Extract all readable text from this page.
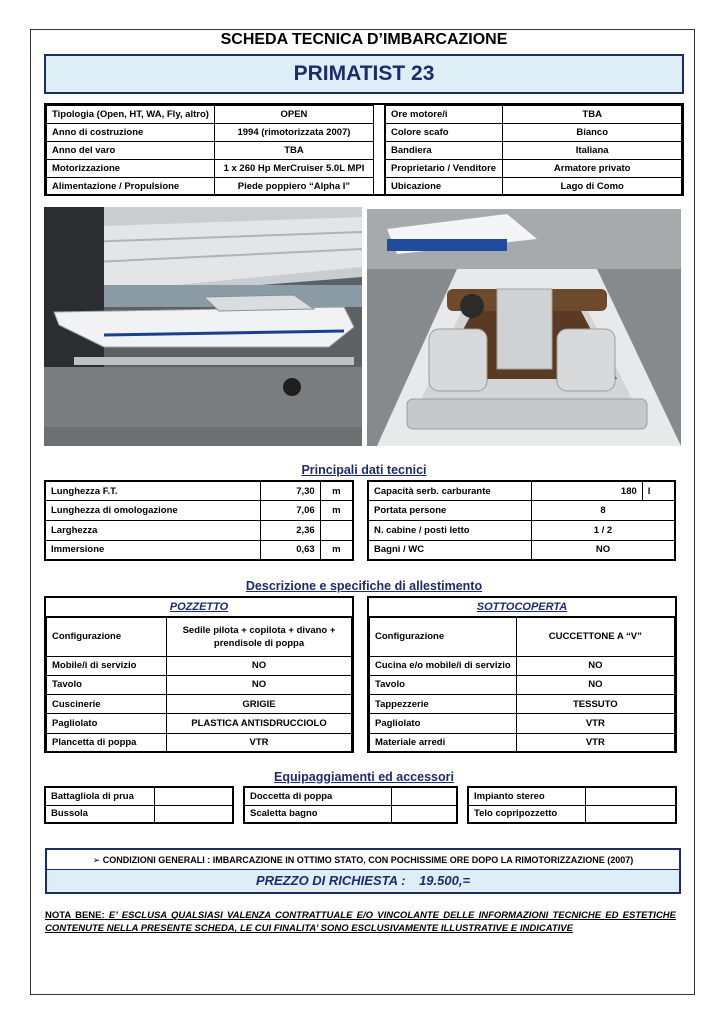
SCHEDA TECNICA D’IMBARCAZIONE
PRIMATIST 23
Tipologia (Open, HT, WA, Fly, altro)	OPEN		Ore motore/i	TBA
Anno di costruzione	1994 (rimotorizzata 2007)		Colore scafo	Bianco
Anno del varo	TBA		Bandiera	Italiana
Motorizzazione	1 x 260 Hp MerCruiser 5.0L MPI		Proprietario / Venditore	Armatore privato
Alimentazione / Propulsione	Piede poppiero “Alpha I”		Ubicazione	Lago di Como
Principali dati tecnici
Lunghezza F.T.	7,30	m
Lunghezza di omologazione	7,06	m
Larghezza	2,36	
Immersione	0,63	m
Capacità serb. carburante	180	l
Portata persone	8	
N. cabine / posti letto	1 / 2	
Bagni / WC	NO	
Descrizione e specifiche di allestimento
POZZETTO
Configurazione	Sedile pilota + copilota + divano + prendisole di poppa
Mobile/i di servizio	NO
Tavolo	NO
Cuscinerie	GRIGIE
Pagliolato	PLASTICA ANTISDRUCCIOLO
Plancetta di poppa	VTR
SOTTOCOPERTA
Configurazione	CUCCETTONE A “V”
Cucina e/o mobile/i di servizio	NO
Tavolo	NO
Tappezzerie	TESSUTO
Pagliolato	VTR
Materiale arredi	VTR
Equipaggiamenti ed accessori
Battagliola di prua	
Bussola	
Doccetta di poppa	
Scaletta bagno	
Impianto stereo	
Telo copripozzetto	
➢ CONDIZIONI GENERALI : IMBARCAZIONE IN OTTIMO STATO, CON POCHISSIME ORE DOPO LA RIMOTORIZZAZIONE (2007)
PREZZO DI RICHIESTA : 19.500,=
NOTA BENE: E’ ESCLUSA QUALSIASI VALENZA CONTRATTUALE E/O VINCOLANTE DELLE INFORMAZIONI TECNICHE ED ESTETICHE CONTENUTE NELLA PRESENTE SCHEDA, LE CUI FINALITA’ SONO ESCLUSIVAMENTE ILLUSTRATIVE E INDICATIVE
